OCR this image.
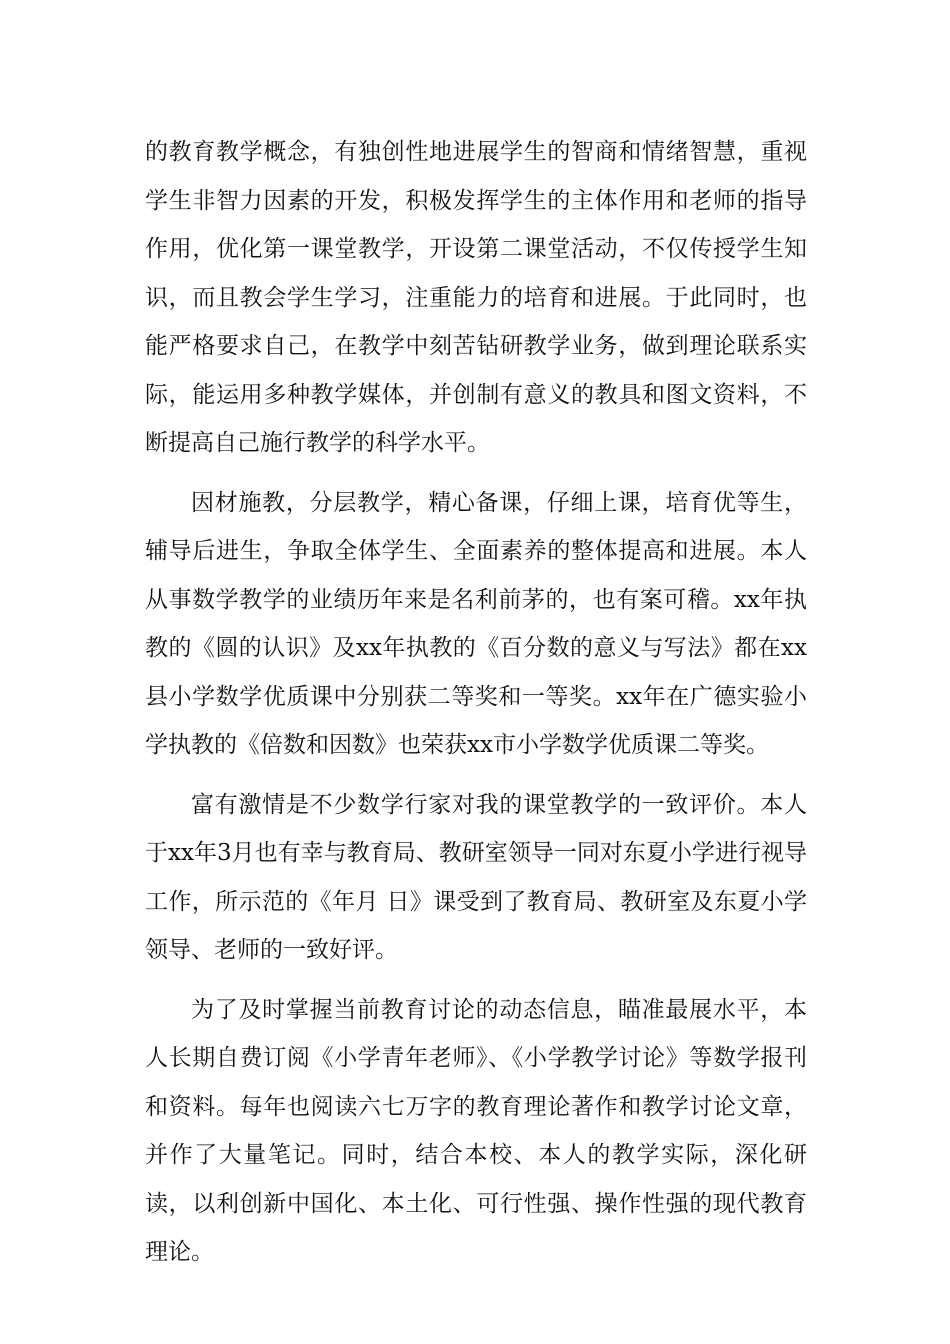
的教育教学概念，有独创性地进展学生的智商和情绪智慧，重视学生非智力因素的开发，积极发挥学生的主体作用和老师的指导作用，优化第一课堂教学，开设第二课堂活动，不仅传授学生知识，而且教会学生学习，注重能力的培育和进展。于此同时，也能严格要求自己，在教学中刻苦钻研教学业务，做到理论联系实际，能运用多种教学媒体，并创制有意义的教具和图文资料，不断提高自己施行教学的科学水平。

因材施教，分层教学，精心备课，仔细上课，培育优等生，辅导后进生，争取全体学生、全面素养的整体提高和进展。本人从事数学教学的业绩历年来是名利前茅的，也有案可稽。xx年执教的《圆的认识》及xx年执教的《百分数的意义与写法》都在xx县小学数学优质课中分别获二等奖和一等奖。xx年在广德实验小学执教的《倍数和因数》也荣获xx市小学数学优质课二等奖。

富有激情是不少数学行家对我的课堂教学的一致评价。本人于xx年3月也有幸与教育局、教研室领导一同对东夏小学进行视导工作，所示范的《年月 日》课受到了教育局、教研室及东夏小学领导、老师的一致好评。

为了及时掌握当前教育讨论的动态信息，瞄准最展水平，本人长期自费订阅《小学青年老师》、《小学教学讨论》等数学报刊和资料。每年也阅读六七万字的教育理论著作和教学讨论文章，并作了大量笔记。同时，结合本校、本人的教学实际，深化研读，以利创新中国化、本土化、可行性强、操作性强的现代教育理论。
